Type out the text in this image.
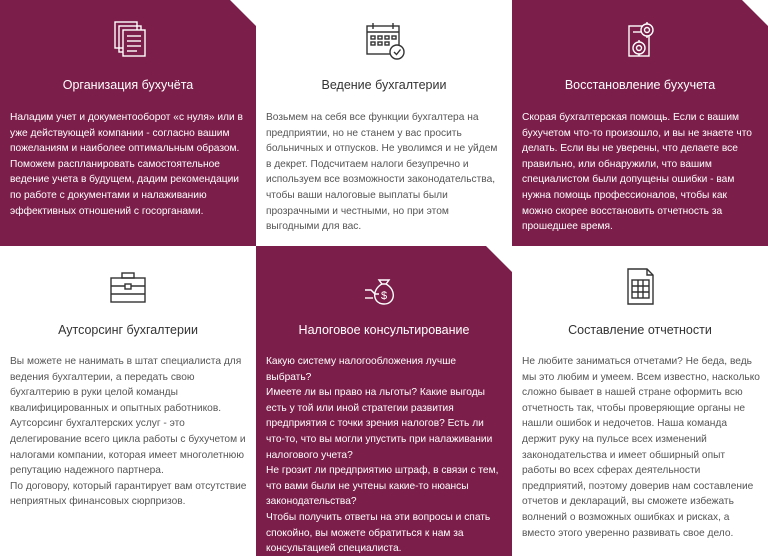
Организация бухучёта
Наладим учет и документооборот «с нуля» или в
уже действующей компании - согласно вашим
пожеланиям и наиболее оптимальным образом.
Поможем распланировать самостоятельное
ведение учета в будущем, дадим рекомендации
по работе с документами и налаживанию
эффективных отношений с госорганами.
Ведение бухгалтерии
Возьмем на себя все функции бухгалтера на
предприятии, но не станем у вас просить
больничных и отпусков. Не уволимся и не уйдем
в декрет. Подсчитаем налоги безупречно и
используем все возможности законодательства,
чтобы ваши налоговые выплаты были
прозрачными и честными, но при этом
выгодными для вас.
Восстановление бухучета
Скорая бухгалтерская помощь. Если с вашим
бухучетом что-то произошло, и вы не знаете что
делать. Если вы не уверены, что делаете все
правильно, или обнаружили, что вашим
специалистом были допущены ошибки - вам
нужна помощь профессионалов, чтобы как
можно скорее восстановить отчетность за
прошедшее время.
Аутсорсинг бухгалтерии
Вы можете не нанимать в штат специалиста для
ведения бухгалтерии, а передать свою
бухгалтерию в руки целой команды
квалифицированных и опытных работников.
Аутсорсинг бухгалтерских услуг - это
делегирование всего цикла работы с бухучетом и
налогами компании, которая имеет многолетнюю
репутацию надежного партнера.
По договору, который гарантирует вам отсутствие
неприятных финансовых сюрпризов.
$
Налоговое консультирование
Какую систему налогообложения лучше выбрать?
Имеете ли вы право на льготы? Какие выгоды
есть у той или иной стратегии развития
предприятия с точки зрения налогов? Есть ли
что-то, что вы могли упустить при налаживании
налогового учета?
Не грозит ли предприятию штраф, в связи с тем,
что вами были не учтены какие-то нюансы
законодательства?
Чтобы получить ответы на эти вопросы и спать
спокойно, вы можете обратиться к нам за
консультацией специалиста.
Составление отчетности
Не любите заниматься отчетами? Не беда, ведь
мы это любим и умеем. Всем известно, насколько
сложно бывает в нашей стране оформить всю
отчетность так, чтобы проверяющие органы не
нашли ошибок и недочетов. Наша команда
держит руку на пульсе всех изменений
законодательства и имеет обширный опыт
работы во всех сферах деятельности
предприятий, поэтому доверив нам составление
отчетов и деклараций, вы сможете избежать
волнений о возможных ошибках и рисках, а
вместо этого уверенно развивать свое дело.
